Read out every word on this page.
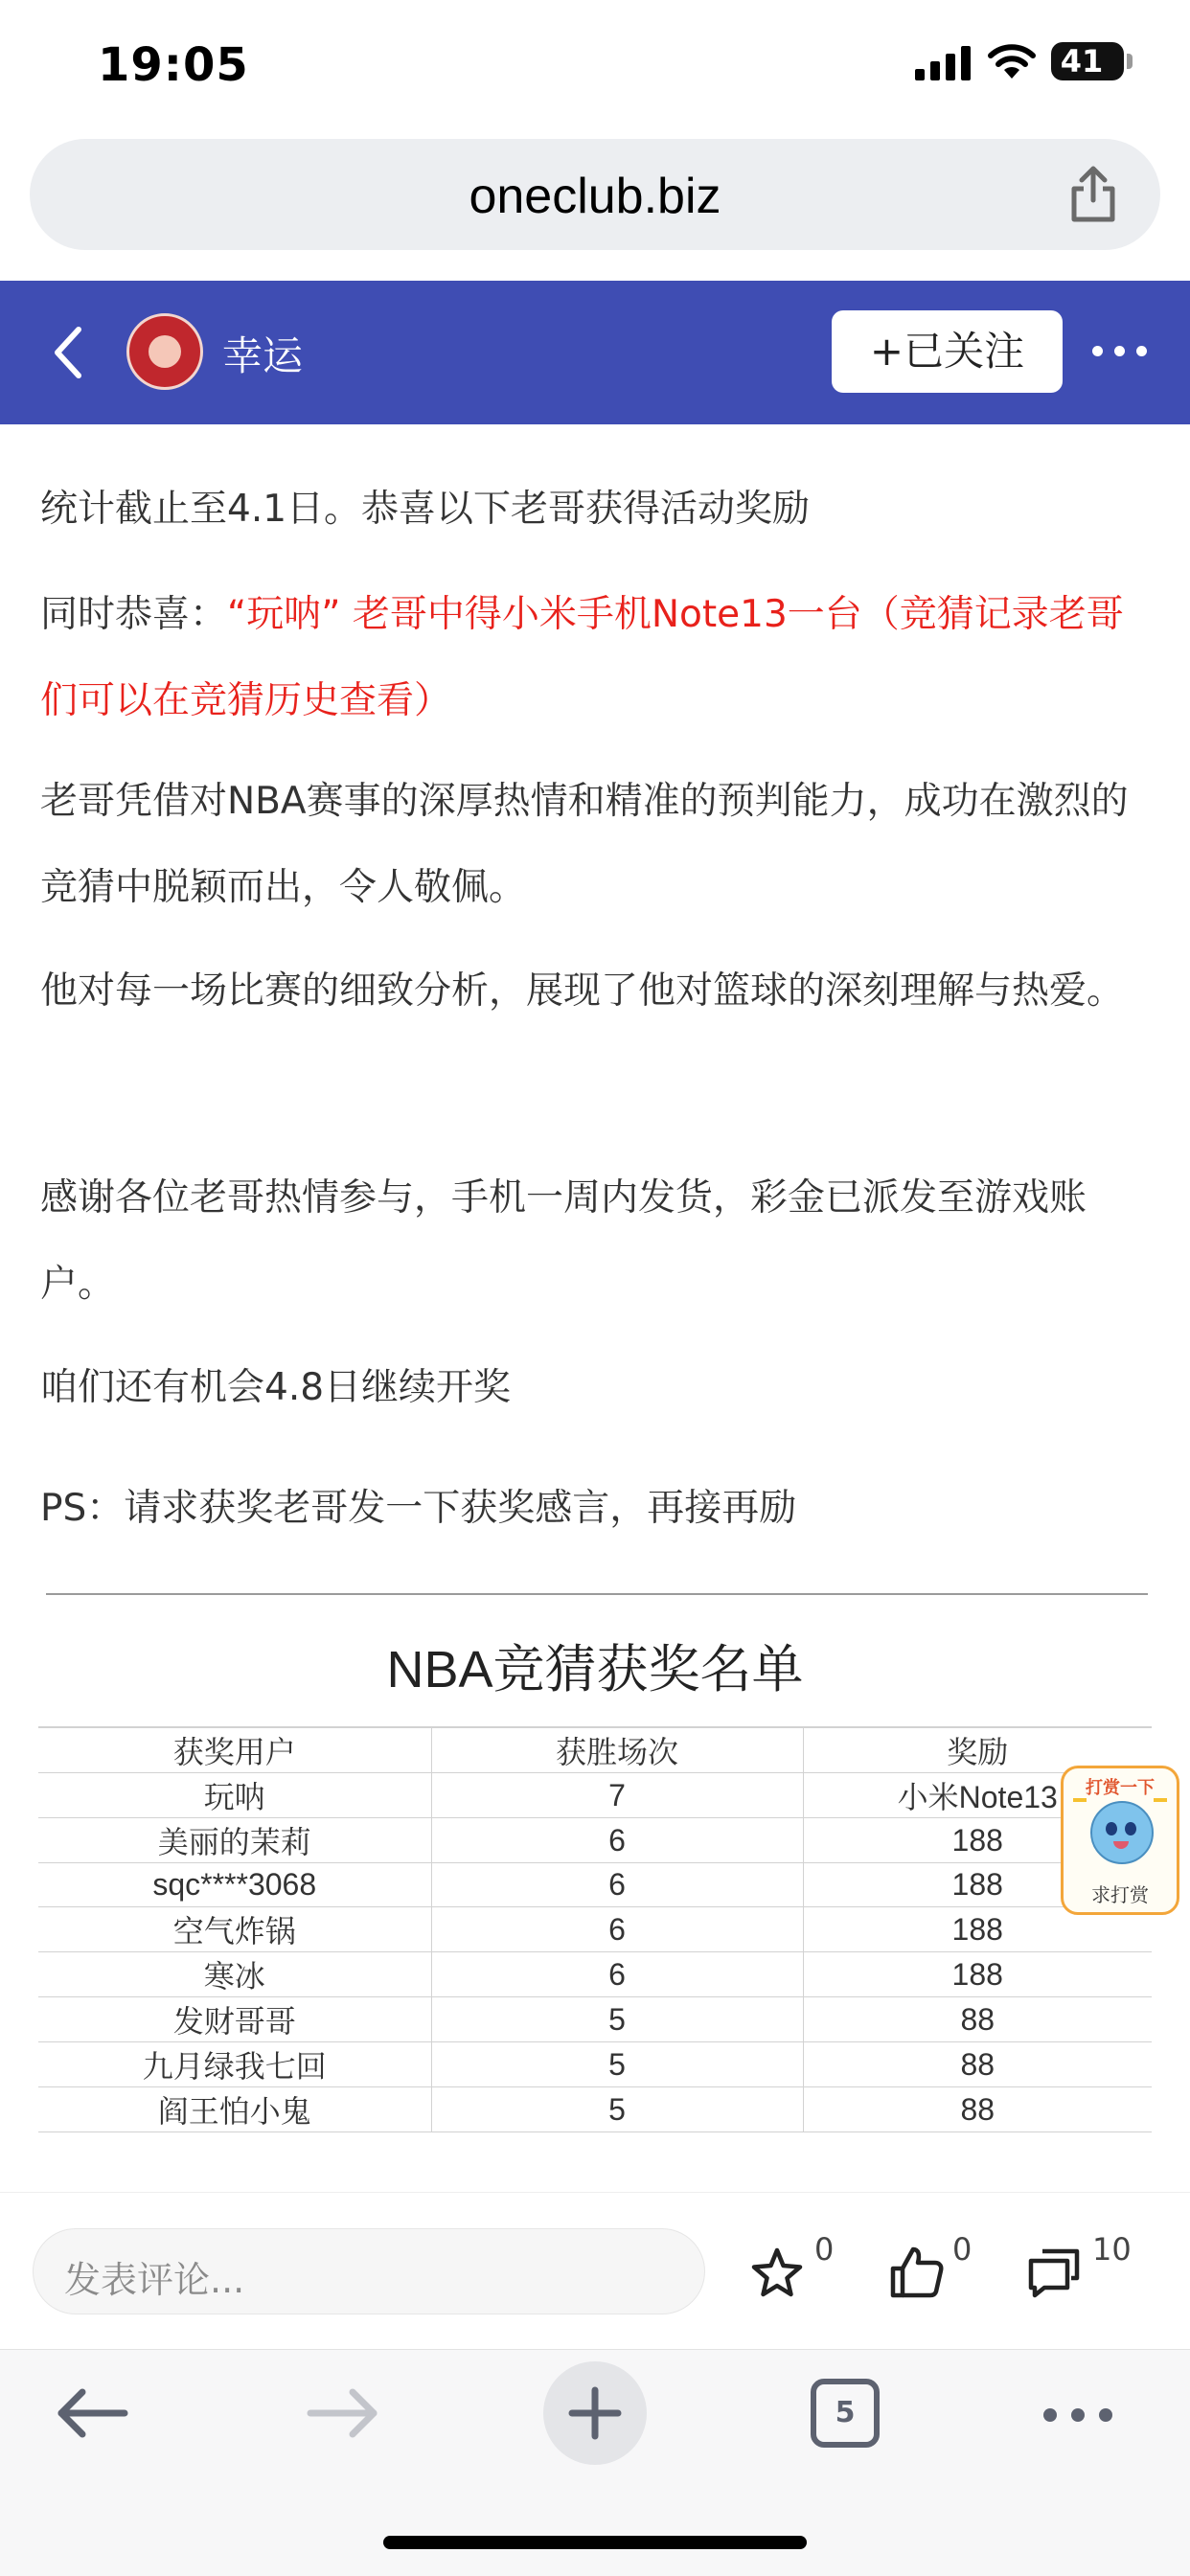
19:05	41
oneclub.biz
幸运	+已关注
统计截止至4.1日。恭喜以下老哥获得活动奖励
同时恭喜：“玩呐” 老哥中得小米手机Note13一台（竞猜记录老哥们可以在竞猜历史查看）
老哥凭借对NBA赛事的深厚热情和精准的预判能力，成功在激烈的竞猜中脱颖而出，令人敬佩。
他对每一场比赛的细致分析，展现了他对篮球的深刻理解与热爱。
感谢各位老哥热情参与，手机一周内发货，彩金已派发至游戏账户。
咱们还有机会4.8日继续开奖
PS：请求获奖老哥发一下获奖感言，再接再励
NBA竞猜获奖名单
获奖用户	获胜场次	奖励
玩呐	7	小米Note13
美丽的茉莉	6	188
sqc****3068	6	188
空气炸锅	6	188
寒冰	6	188
发财哥哥	5	88
九月绿我七回	5	88
阎王怕小鬼	5	88
打赏一下
求打赏
发表评论...
0	0	10
5
